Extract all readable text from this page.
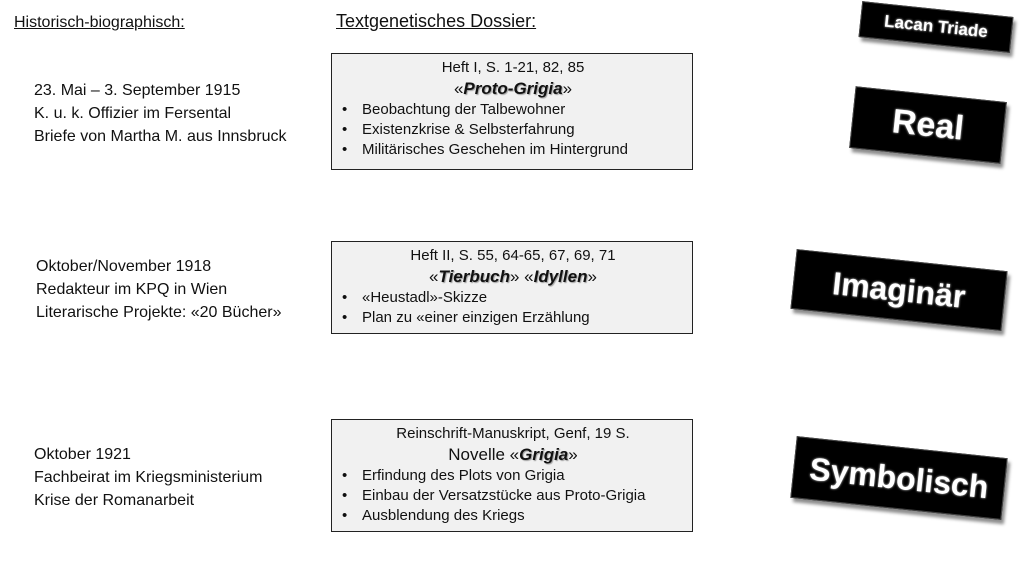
Historisch-biographisch:	Textgenetisches Dossier:
23. Mai – 3. September 1915
K. u. k. Offizier im Fersental
Briefe von Martha M. aus Innsbruck
Heft I, S. 1-21, 82, 85
«Proto-Grigia»
• Beobachtung der Talbewohner
• Existenzkrise & Selbsterfahrung
• Militärisches Geschehen im Hintergrund
Oktober/November 1918
Redakteur im KPQ in Wien
Literarische Projekte: «20 Bücher»
Heft II, S. 55, 64-65, 67, 69, 71
«Tierbuch» «Idyllen»
• «Heustadl»-Skizze
• Plan zu «einer einzigen Erzählung
Oktober 1921
Fachbeirat im Kriegsministerium
Krise der Romanarbeit
Reinschrift-Manuskript, Genf, 19 S.
Novelle «Grigia»
• Erfindung des Plots von Grigia
• Einbau der Versatzstücke aus Proto-Grigia
• Ausblendung des Kriegs
Lacan Triade
Real
Imaginär
Symbolisch
